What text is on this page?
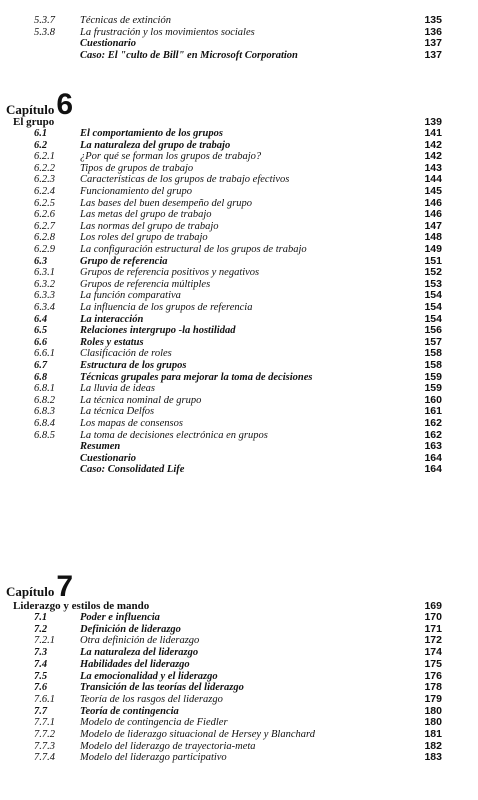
Capítulo6
El grupo	139
Capítulo7
Liderazgo y estilos de mando	169
5.3.7 Técnicas de extinción	135
5.3.8 La frustración y los movimientos sociales	136
Cuestionario	137
Caso: El "culto de Bill" en Microsoft Corporation	137
6.1	El comportamiento de los grupos	141
6.2	La naturaleza del grupo de trabajo	142
6.2.1 ¿Por qué se forman los grupos de trabajo?	142
6.2.2 Tipos de grupos de trabajo	143
6.2.3 Características de los grupos de trabajo efectivos	144
6.2.4 Funcionamiento del grupo	145
6.2.5 Las bases del buen desempeño del grupo	146
6.2.6 Las metas del grupo de trabajo	146
6.2.7 Las normas del grupo de trabajo	147
6.2.8 Los roles del grupo de trabajo	148
6.2.9 La configuración estructural de los grupos de trabajo	149
6.3	Grupo de referencia	151
6.3.1 Grupos de referencia positivos y negativos	152
6.3.2 Grupos de referencia múltiples	153
6.3.3 La función comparativa	154
6.3.4 La influencia de los grupos de referencia	154
6.4	La interacción	154
6.5	Relaciones intergrupo -la hostilidad	156
6.6	Roles y estatus	157
6.6.1 Clasificación de roles	158
6.7	Estructura de los grupos	158
6.8	Técnicas grupales para mejorar la toma de decisiones	159
6.8.1 La lluvia de ideas	159
6.8.2 La técnica nominal de grupo	160
6.8.3 La técnica Delfos	161
6.8.4 Los mapas de consensos	162
6.8.5 La toma de decisiones electrónica en grupos	162
Resumen	163
Cuestionario	164
Caso: Consolidated Life	164
7.1	Poder e influencia	170
7.2	Definición de liderazgo	171
7.2.1 Otra definición de liderazgo	172
7.3	La naturaleza del liderazgo	174
7.4	Habilidades del liderazgo	175
7.5	La emocionalidad y el liderazgo	176
7.6	Transición de las teorías del liderazgo	178
7.6.1 Teoría de los rasgos del liderazgo	179
7.7	Teoría de contingencia	180
7.7.1 Modelo de contingencia de Fiedler	180
7.7.2 Modelo de liderazgo situacional de Hersey y Blanchard	181
7.7.3 Modelo del liderazgo de trayectoria-meta	182
7.7.4 Modelo del liderazgo participativo	183
